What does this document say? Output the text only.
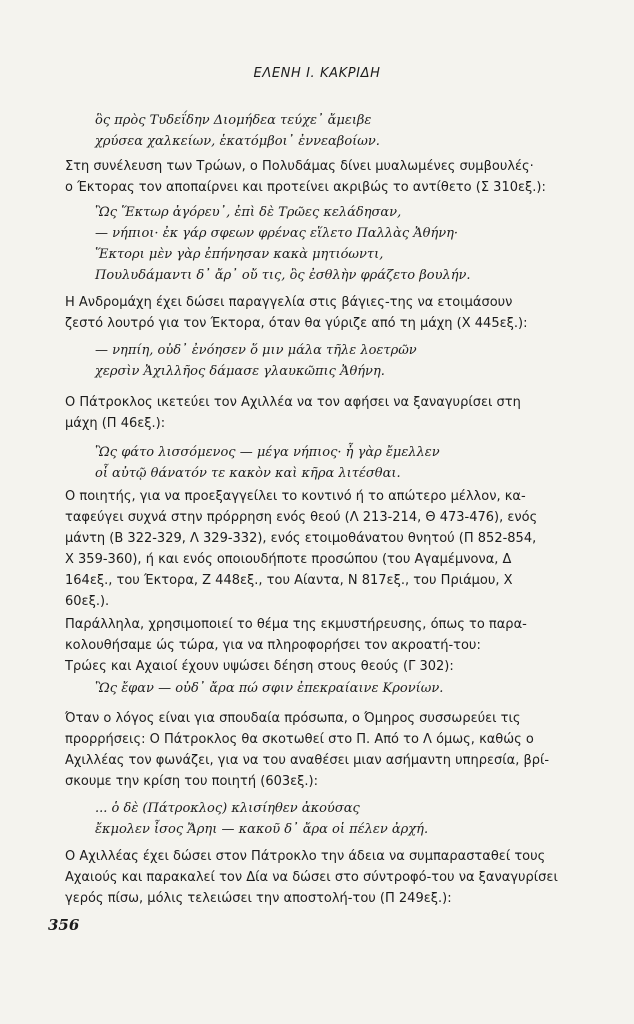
ΕΛΕΝΗ Ι. ΚΑΚΡΙΔΗ
ὃς πρὸς Τυδεΐδην Διομήδεα τεύχε᾽ ἄμειβε
χρύσεα χαλκείων, ἑκατόμβοι᾽ ἐννεαβοίων.
Στη συνέλευση των Τρώων, ο Πολυδάμας δίνει μυαλωμένες συμβουλές·
ο Έκτορας τον αποπαίρνει και προτείνει ακριβώς το αντίθετο (Σ 310εξ.):
Ὣς Ἕκτωρ ἀγόρευ᾽, ἐπὶ δὲ Τρῶες κελάδησαν,
— νήπιοι· ἐκ γάρ σφεων φρένας εἵλετο Παλλὰς Ἀθήνη·
Ἕκτορι μὲν γὰρ ἐπήνησαν κακὰ μητιόωντι,
Πουλυδάμαντι δ᾽ ἄρ᾽ οὔ τις, ὃς ἐσθλὴν φράζετο βουλήν.
Η Ανδρομάχη έχει δώσει παραγγελία στις βάγιες-της να ετοιμάσουν
ζεστό λουτρό για τον Έκτορα, όταν θα γύριζε από τη μάχη (Χ 445εξ.):
— νηπίη, οὐδ᾽ ἐνόησεν ὅ μιν μάλα τῆλε λοετρῶν
χερσὶν Ἀχιλλῆος δάμασε γλαυκῶπις Ἀθήνη.
Ο Πάτροκλος ικετεύει τον Αχιλλέα να τον αφήσει να ξαναγυρίσει στη
μάχη (Π 46εξ.):
Ὣς φάτο λισσόμενος — μέγα νήπιος· ἦ γὰρ ἔμελλεν
οἷ αὐτῷ θάνατόν τε κακὸν καὶ κῆρα λιτέσθαι.
Ο ποιητής, για να προεξαγγείλει το κοντινό ή το απώτερο μέλλον, κα-
ταφεύγει συχνά στην πρόρρηση ενός θεού (Λ 213-214, Θ 473-476), ενός
μάντη (Β 322-329, Λ 329-332), ενός ετοιμοθάνατου θνητού (Π 852-854,
Χ 359-360), ή και ενός οποιουδήποτε προσώπου (του Αγαμέμνονα, Δ
164εξ., του Έκτορα, Ζ 448εξ., του Αίαντα, Ν 817εξ., του Πριάμου, Χ
60εξ.).
Παράλληλα, χρησιμοποιεί το θέμα της εκμυστήρευσης, όπως το παρα-
κολουθήσαμε ώς τώρα, για να πληροφορήσει τον ακροατή-του:
Τρώες και Αχαιοί έχουν υψώσει δέηση στους θεούς (Γ 302):
Ὣς ἔφαν — οὐδ᾽ ἄρα πώ σφιν ἐπεκραίαινε Κρονίων.
Όταν ο λόγος είναι για σπουδαία πρόσωπα, ο Όμηρος συσσωρεύει τις
προρρήσεις: Ο Πάτροκλος θα σκοτωθεί στο Π. Από το Λ όμως, καθώς ο
Αχιλλέας τον φωνάζει, για να του αναθέσει μιαν ασήμαντη υπηρεσία, βρί-
σκουμε την κρίση του ποιητή (603εξ.):
... ὁ δὲ (Πάτροκλος) κλισίηθεν ἀκούσας
ἔκμολεν ἶσος Ἄρηι — κακοῦ δ᾽ ἄρα οἱ πέλεν ἀρχή.
Ο Αχιλλέας έχει δώσει στον Πάτροκλο την άδεια να συμπαρασταθεί τους
Αχαιούς και παρακαλεί τον Δία να δώσει στο σύντροφό-του να ξαναγυρίσει
γερός πίσω, μόλις τελειώσει την αποστολή-του (Π 249εξ.):
356
